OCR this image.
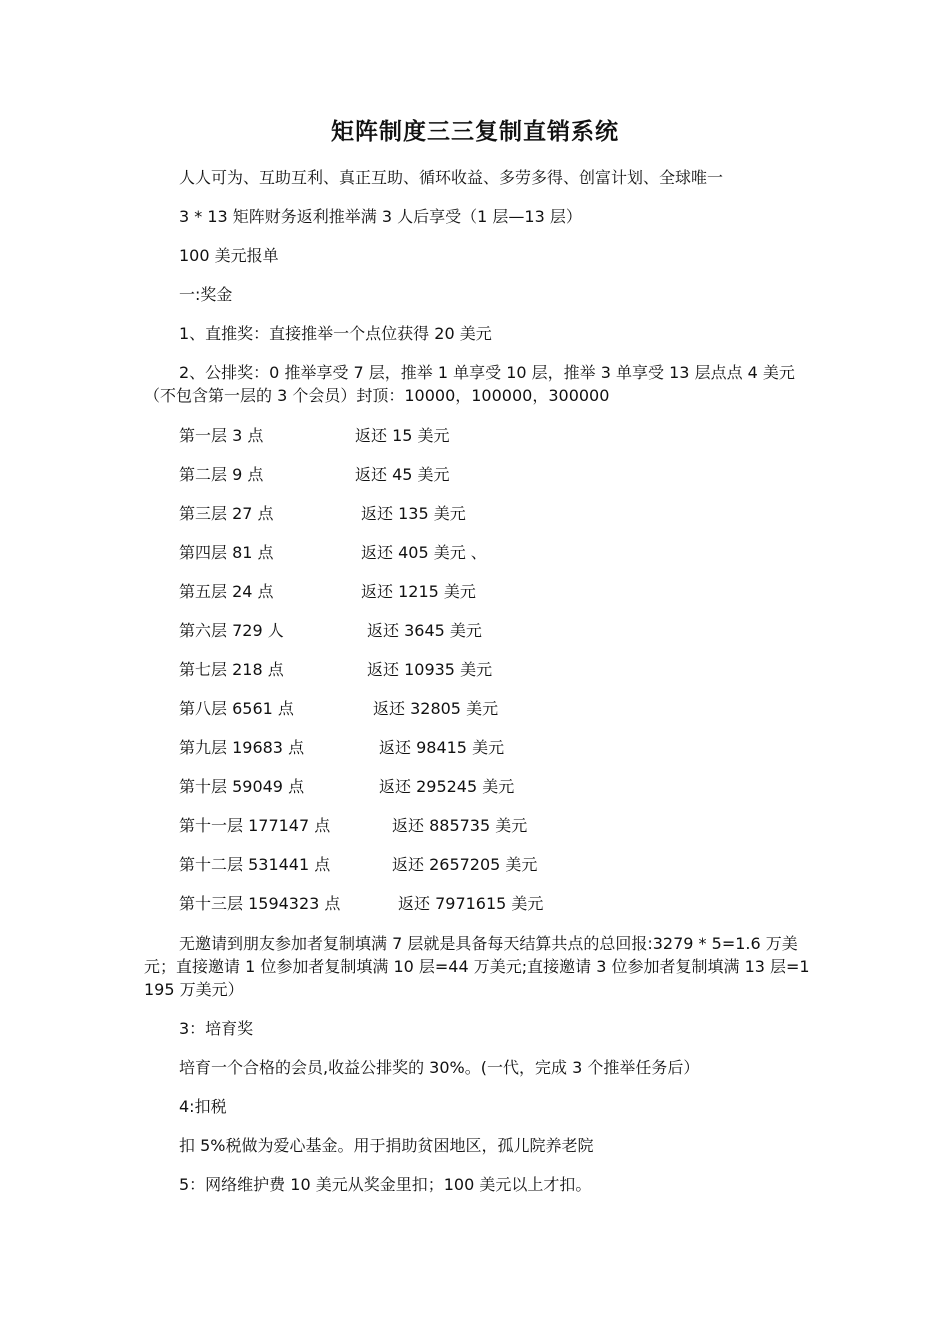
矩阵制度三三复制直销系统
人人可为、互助互利、真正互助、循环收益、多劳多得、创富计划、全球唯一
3 * 13 矩阵财务返利推举满 3 人后享受（1 层—13 层）
100 美元报单
一:奖金
1、直推奖：直接推举一个点位获得 20 美元
2、公排奖：0 推举享受 7 层，推举 1 单享受 10 层，推举 3 单享受 13 层点点 4 美元（不包含第一层的 3 个会员）封顶：10000，100000，300000
第一层 3 点	返还 15 美元
第二层 9 点	返还 45 美元
第三层 27 点	返还 135 美元
第四层 81 点	返还 405 美元 、
第五层 24 点	返还 1215 美元
第六层 729 人	返还 3645 美元
第七层 218 点	返还 10935 美元
第八层 6561 点	返还 32805 美元
第九层 19683 点	返还 98415 美元
第十层 59049 点	返还 295245 美元
第十一层 177147 点	返还 885735 美元
第十二层 531441 点	返还 2657205 美元
第十三层 1594323 点	返还 7971615 美元
无邀请到朋友参加者复制填满 7 层就是具备每天结算共点的总回报:3279 * 5=1.6 万美元；直接邀请 1 位参加者复制填满 10 层=44 万美元;直接邀请 3 位参加者复制填满 13 层=1195 万美元）
3：培育奖
培育一个合格的会员,收益公排奖的 30%。(一代，完成 3 个推举任务后）
4:扣税
扣 5%税做为爱心基金。用于捐助贫困地区，孤儿院养老院
5：网络维护费 10 美元从奖金里扣；100 美元以上才扣。
